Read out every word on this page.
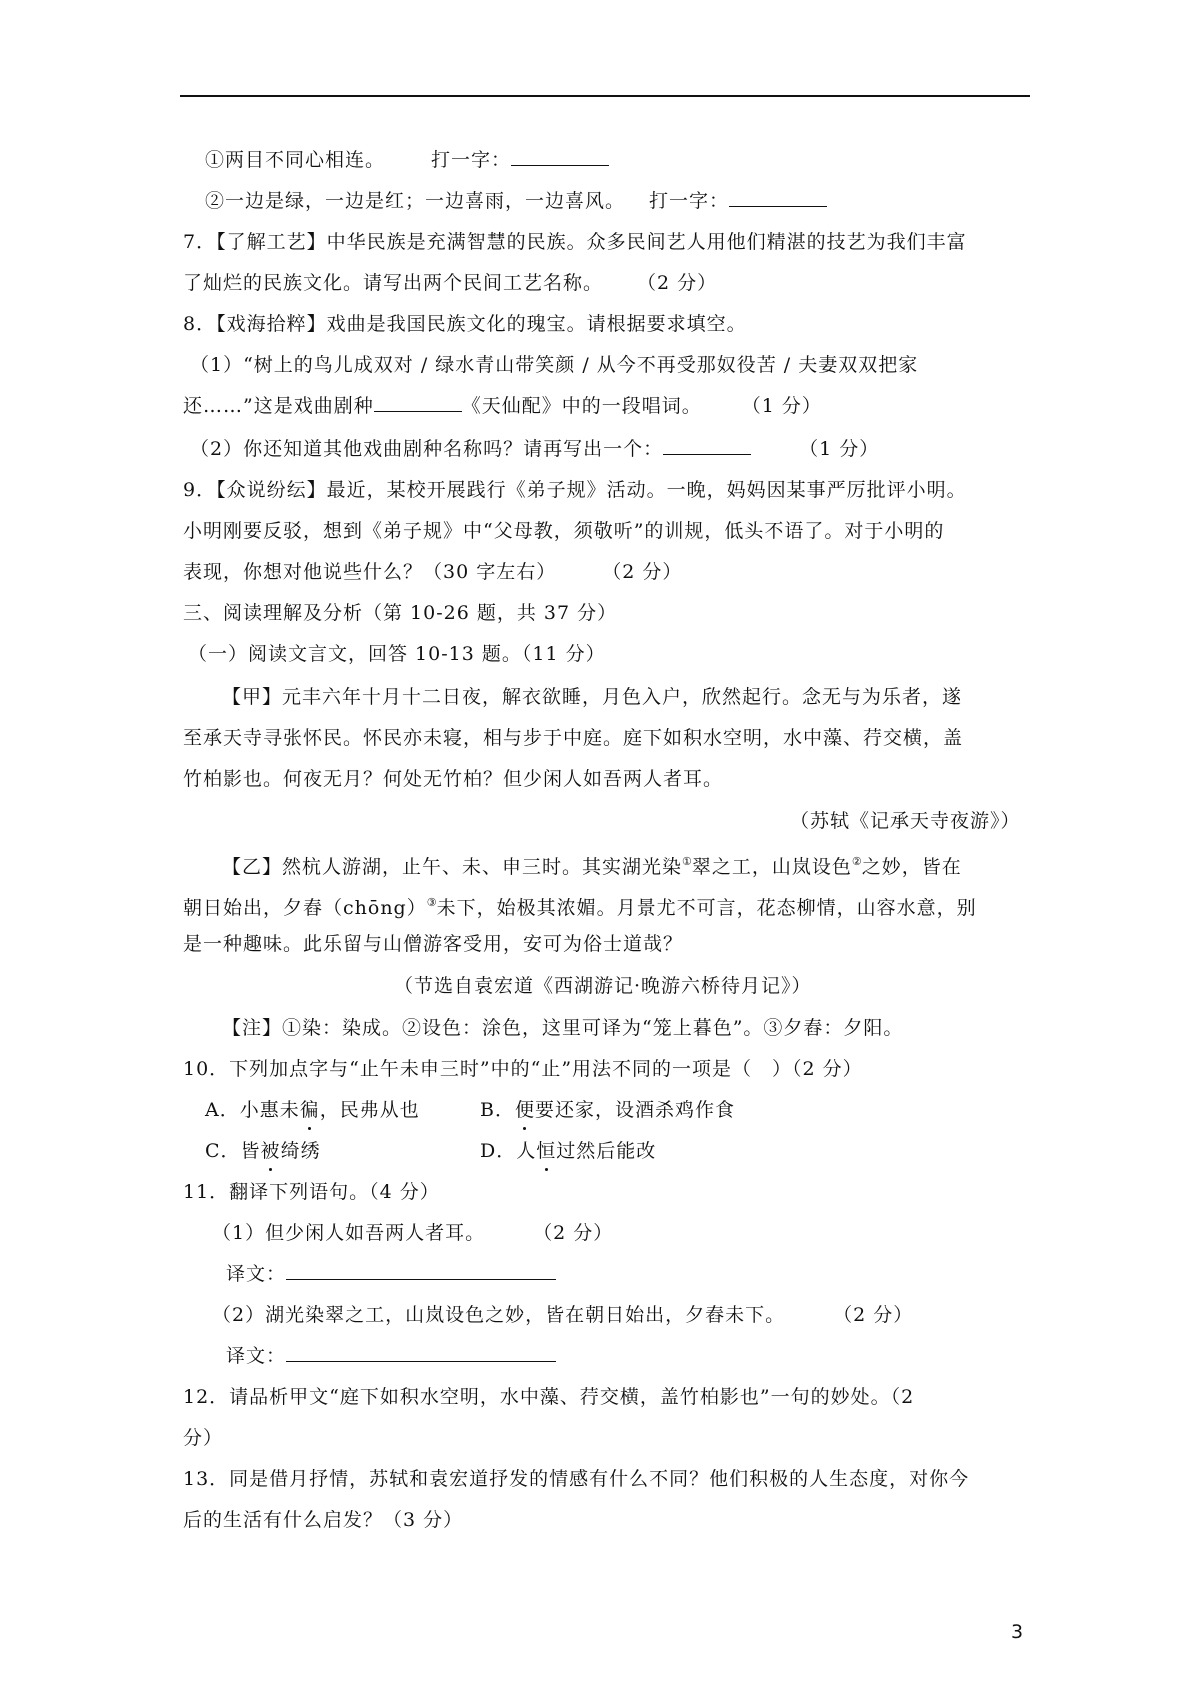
①两目不同心相连。 打一字：
②一边是绿，一边是红；一边喜雨，一边喜风。 打一字：
7．【了解工艺】中华民族是充满智慧的民族。众多民间艺人用他们精湛的技艺为我们丰富
了灿烂的民族文化。请写出两个民间工艺名称。 （2 分）
8．【戏海拾粹】戏曲是我国民族文化的瑰宝。请根据要求填空。
（1）“树上的鸟儿成双对 / 绿水青山带笑颜 / 从今不再受那奴役苦 / 夫妻双双把家
还……”这是戏曲剧种	《天仙配》中的一段唱词。 （1 分）
（2）你还知道其他戏曲剧种名称吗？请再写出一个：	（1 分）
9．【众说纷纭】最近，某校开展践行《弟子规》活动。一晚，妈妈因某事严厉批评小明。
小明刚要反驳，想到《弟子规》中“父母教，须敬听”的训规，低头不语了。对于小明的
表现，你想对他说些什么？（30 字左右） （2 分）
三、阅读理解及分析（第 10-26 题，共 37 分）
（一）阅读文言文，回答 10-13 题。（11 分）
【甲】元丰六年十月十二日夜，解衣欲睡，月色入户，欣然起行。念无与为乐者，遂
至承天寺寻张怀民。怀民亦未寝，相与步于中庭。庭下如积水空明，水中藻、荇交横，盖
竹柏影也。何夜无月？何处无竹柏？但少闲人如吾两人者耳。
（苏轼《记承天寺夜游》）
【乙】然杭人游湖，止午、未、申三时。其实湖光染①翠之工，山岚设色②之妙，皆在
朝日始出，夕舂（chōng）③未下，始极其浓媚。月景尤不可言，花态柳情，山容水意，别
是一种趣味。此乐留与山僧游客受用，安可为俗士道哉？
（节选自袁宏道《西湖游记·晚游六桥待月记》）
【注】①染：染成。②设色：涂色，这里可译为“笼上暮色”。③夕舂：夕阳。
10．下列加点字与“止午未申三时”中的“止”用法不同的一项是（　）（2 分）
A．小惠未徧，民弗从也	B．便要还家，设酒杀鸡作食
C．皆被绮绣	D．人恒过然后能改
11．翻译下列语句。（4 分）
（1）但少闲人如吾两人者耳。	（2 分）
译文：
（2）湖光染翠之工，山岚设色之妙，皆在朝日始出，夕舂未下。	（2 分）
译文：
12．请品析甲文“庭下如积水空明，水中藻、荇交横，盖竹柏影也”一句的妙处。（2
分）
13．同是借月抒情，苏轼和袁宏道抒发的情感有什么不同？他们积极的人生态度，对你今
后的生活有什么启发？（3 分）
3
